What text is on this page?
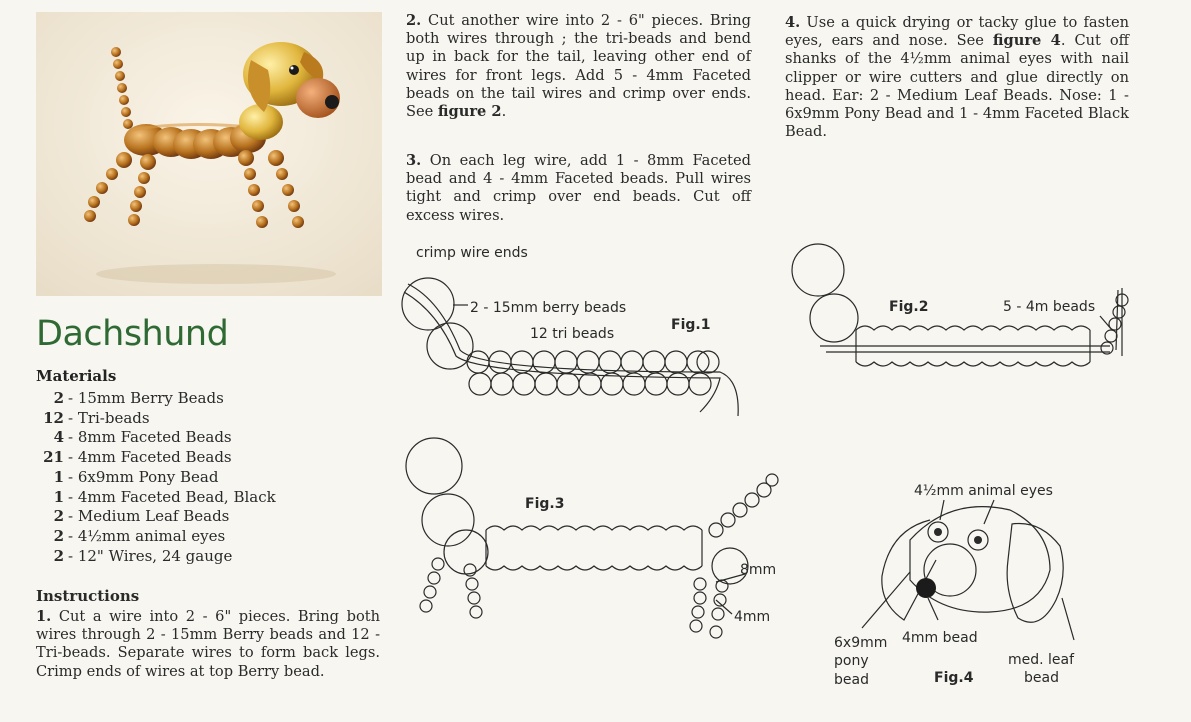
Dachshund
Materials
2 - 15mm Berry Beads
12 - Tri-beads
4 - 8mm Faceted Beads
21 - 4mm Faceted Beads
1 - 6x9mm Pony Bead
1 - 4mm Faceted Bead, Black
2 - Medium Leaf Beads
2 - 4½mm animal eyes
2 - 12" Wires, 24 gauge
Instructions

1. Cut a wire into 2 - 6" pieces. Bring both wires through 2 - 15mm Berry beads and 12 - Tri-beads. Separate wires to form back legs. Crimp ends of wires at top Berry bead.

2. Cut another wire into 2 - 6" pieces. Bring both wires through ; the tri-beads and bend up in back for the tail, leaving other end of wires for front legs. Add 5 - 4mm Faceted beads on the tail wires and crimp over ends. See figure 2.

3. On each leg wire, add 1 - 8mm Faceted bead and 4 - 4mm Faceted beads. Pull wires tight and crimp over end beads. Cut off excess wires.

4. Use a quick drying or tacky glue to fasten eyes, ears and nose. See figure 4. Cut off shanks of the 4½mm animal eyes with nail clipper or wire cutters and glue directly on head. Ear: 2 - Medium Leaf Beads. Nose: 1 - 6x9mm Pony Bead and 1 - 4mm Faceted Black Bead.

crimp wire ends
2 - 15mm berry beads
12 tri beads
Fig.1
Fig.2	5 - 4m beads
Fig.3
8mm
4mm
4½mm animal eyes
6x9mm
pony
bead
4mm bead
med. leaf
bead
Fig.4
